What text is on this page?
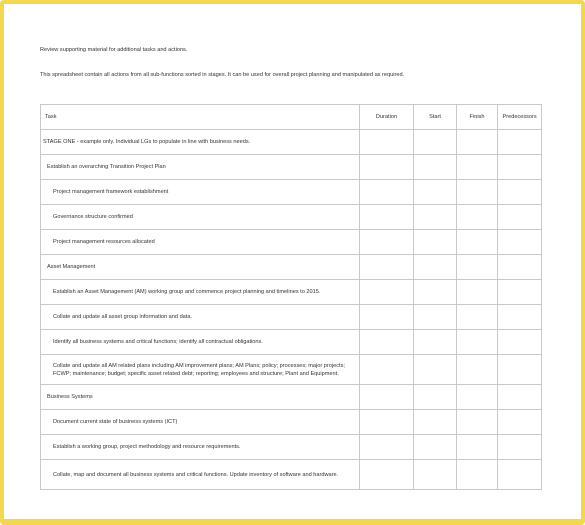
Review supporting material for additional tasks and actions.
This spreadsheet contain all actions from all sub-functions sorted in stages. It can be used for overall project planning and manipulated as required.
Task	Duration	Start	Finish	Predecessors
STAGE ONE - example only. Individual LGs to populate in line with business needs.				
Establish an overarching Transition Project Plan				
Project management framework establishment				
Governance structure confirmed				
Project management resources allocated				
Asset Management				
Establish an Asset Management (AM) working group and commence project planning and timelines to 2015.				
Collate and update all asset group information and data.				
Identify all business systems and critical functions; identify all contractual obligations.				
Collate and update all AM related plans including AM improvement plans; AM Plans; policy; processes; major projects; FCWP; maintenance; budget; specific asset related debt; reporting; employees and structure; Plant and Equipment.				
Business Systems				
Document current state of business systems (ICT)				
Establish a working group, project methodology and resource requirements.				
Collate, map and document all business systems and critical functions. Update inventory of software and hardware.				
